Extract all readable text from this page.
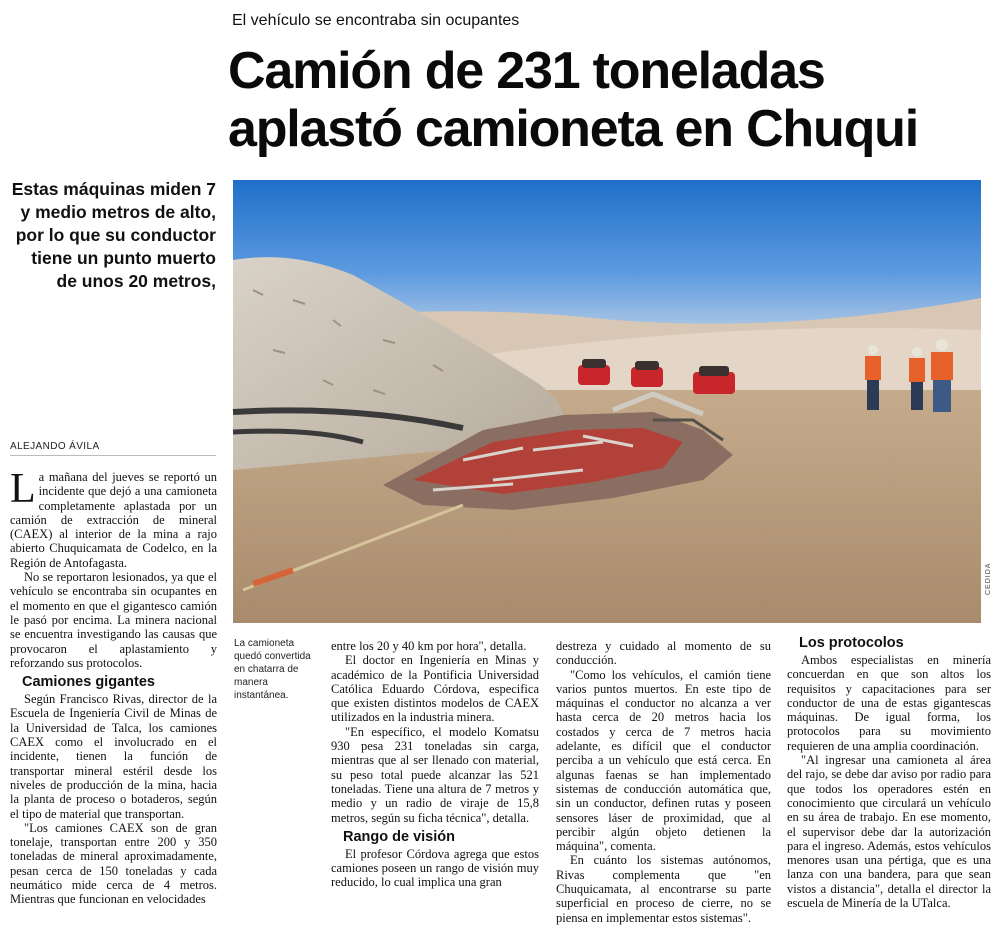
El vehículo se encontraba sin ocupantes
Camión de 231 toneladas
aplastó camioneta en Chuqui
Estas máquinas miden 7 y medio metros de alto, por lo que su conductor tiene un punto muerto de unos 20 metros,
ALEJANDO ÁVILA
CEDIDA
La camioneta quedó convertida en chatarra de manera instantánea.

La mañana del jueves se reportó un incidente que dejó a una camioneta completamente aplastada por un camión de extracción de mineral (CAEX) al interior de la mina a rajo abierto Chuquicamata de Codelco, en la Región de Antofagasta.

No se reportaron lesionados, ya que el vehículo se encontraba sin ocupantes en el momento en que el gigantesco camión le pasó por encima. La minera nacional se encuentra investigando las causas que provocaron el aplastamiento y reforzando sus protocolos.

Camiones gigantes

Según Francisco Rivas, director de la Escuela de Ingeniería Civil de Minas de la Universidad de Talca, los camiones CAEX como el involucrado en el incidente, tienen la función de transportar mineral estéril desde los niveles de producción de la mina, hacia la planta de proceso o botaderos, según el tipo de material que transportan.

"Los camiones CAEX son de gran tonelaje, transportan entre 200 y 350 toneladas de mineral aproximadamente, pesan cerca de 150 toneladas y cada neumático mide cerca de 4 metros. Mientras que funcionan en velocidades

entre los 20 y 40 km por hora", detalla.

El doctor en Ingeniería en Minas y académico de la Pontificia Universidad Católica Eduardo Córdova, especifica que existen distintos modelos de CAEX utilizados en la industria minera.

"En específico, el modelo Komatsu 930 pesa 231 toneladas sin carga, mientras que al ser llenado con material, su peso total puede alcanzar las 521 toneladas. Tiene una altura de 7 metros y medio y un radio de viraje de 15,8 metros, según su ficha técnica", detalla.

Rango de visión

El profesor Córdova agrega que estos camiones poseen un rango de visión muy reducido, lo cual implica una gran

destreza y cuidado al momento de su conducción.

"Como los vehículos, el camión tiene varios puntos muertos. En este tipo de máquinas el conductor no alcanza a ver hasta cerca de 20 metros hacia los costados y cerca de 7 metros hacia adelante, es difícil que el conductor perciba a un vehículo que está cerca. En algunas faenas se han implementado sistemas de conducción automática que, sin un conductor, definen rutas y poseen sensores láser de proximidad, que al percibir algún objeto detienen la máquina", comenta.

En cuánto los sistemas autónomos, Rivas complementa que "en Chuquicamata, al encontrarse su parte superficial en proceso de cierre, no se piensa en implementar estos sistemas".

Los protocolos

Ambos especialistas en minería concuerdan en que son altos los requisitos y capacitaciones para ser conductor de una de estas gigantescas máquinas. De igual forma, los protocolos para su movimiento requieren de una amplia coordinación.

"Al ingresar una camioneta al área del rajo, se debe dar aviso por radio para que todos los operadores estén en conocimiento que circulará un vehículo en su área de trabajo. En ese momento, el supervisor debe dar la autorización para el ingreso. Además, estos vehículos menores usan una pértiga, que es una lanza con una bandera, para que sean vistos a distancia", detalla el director la escuela de Minería de la UTalca.
